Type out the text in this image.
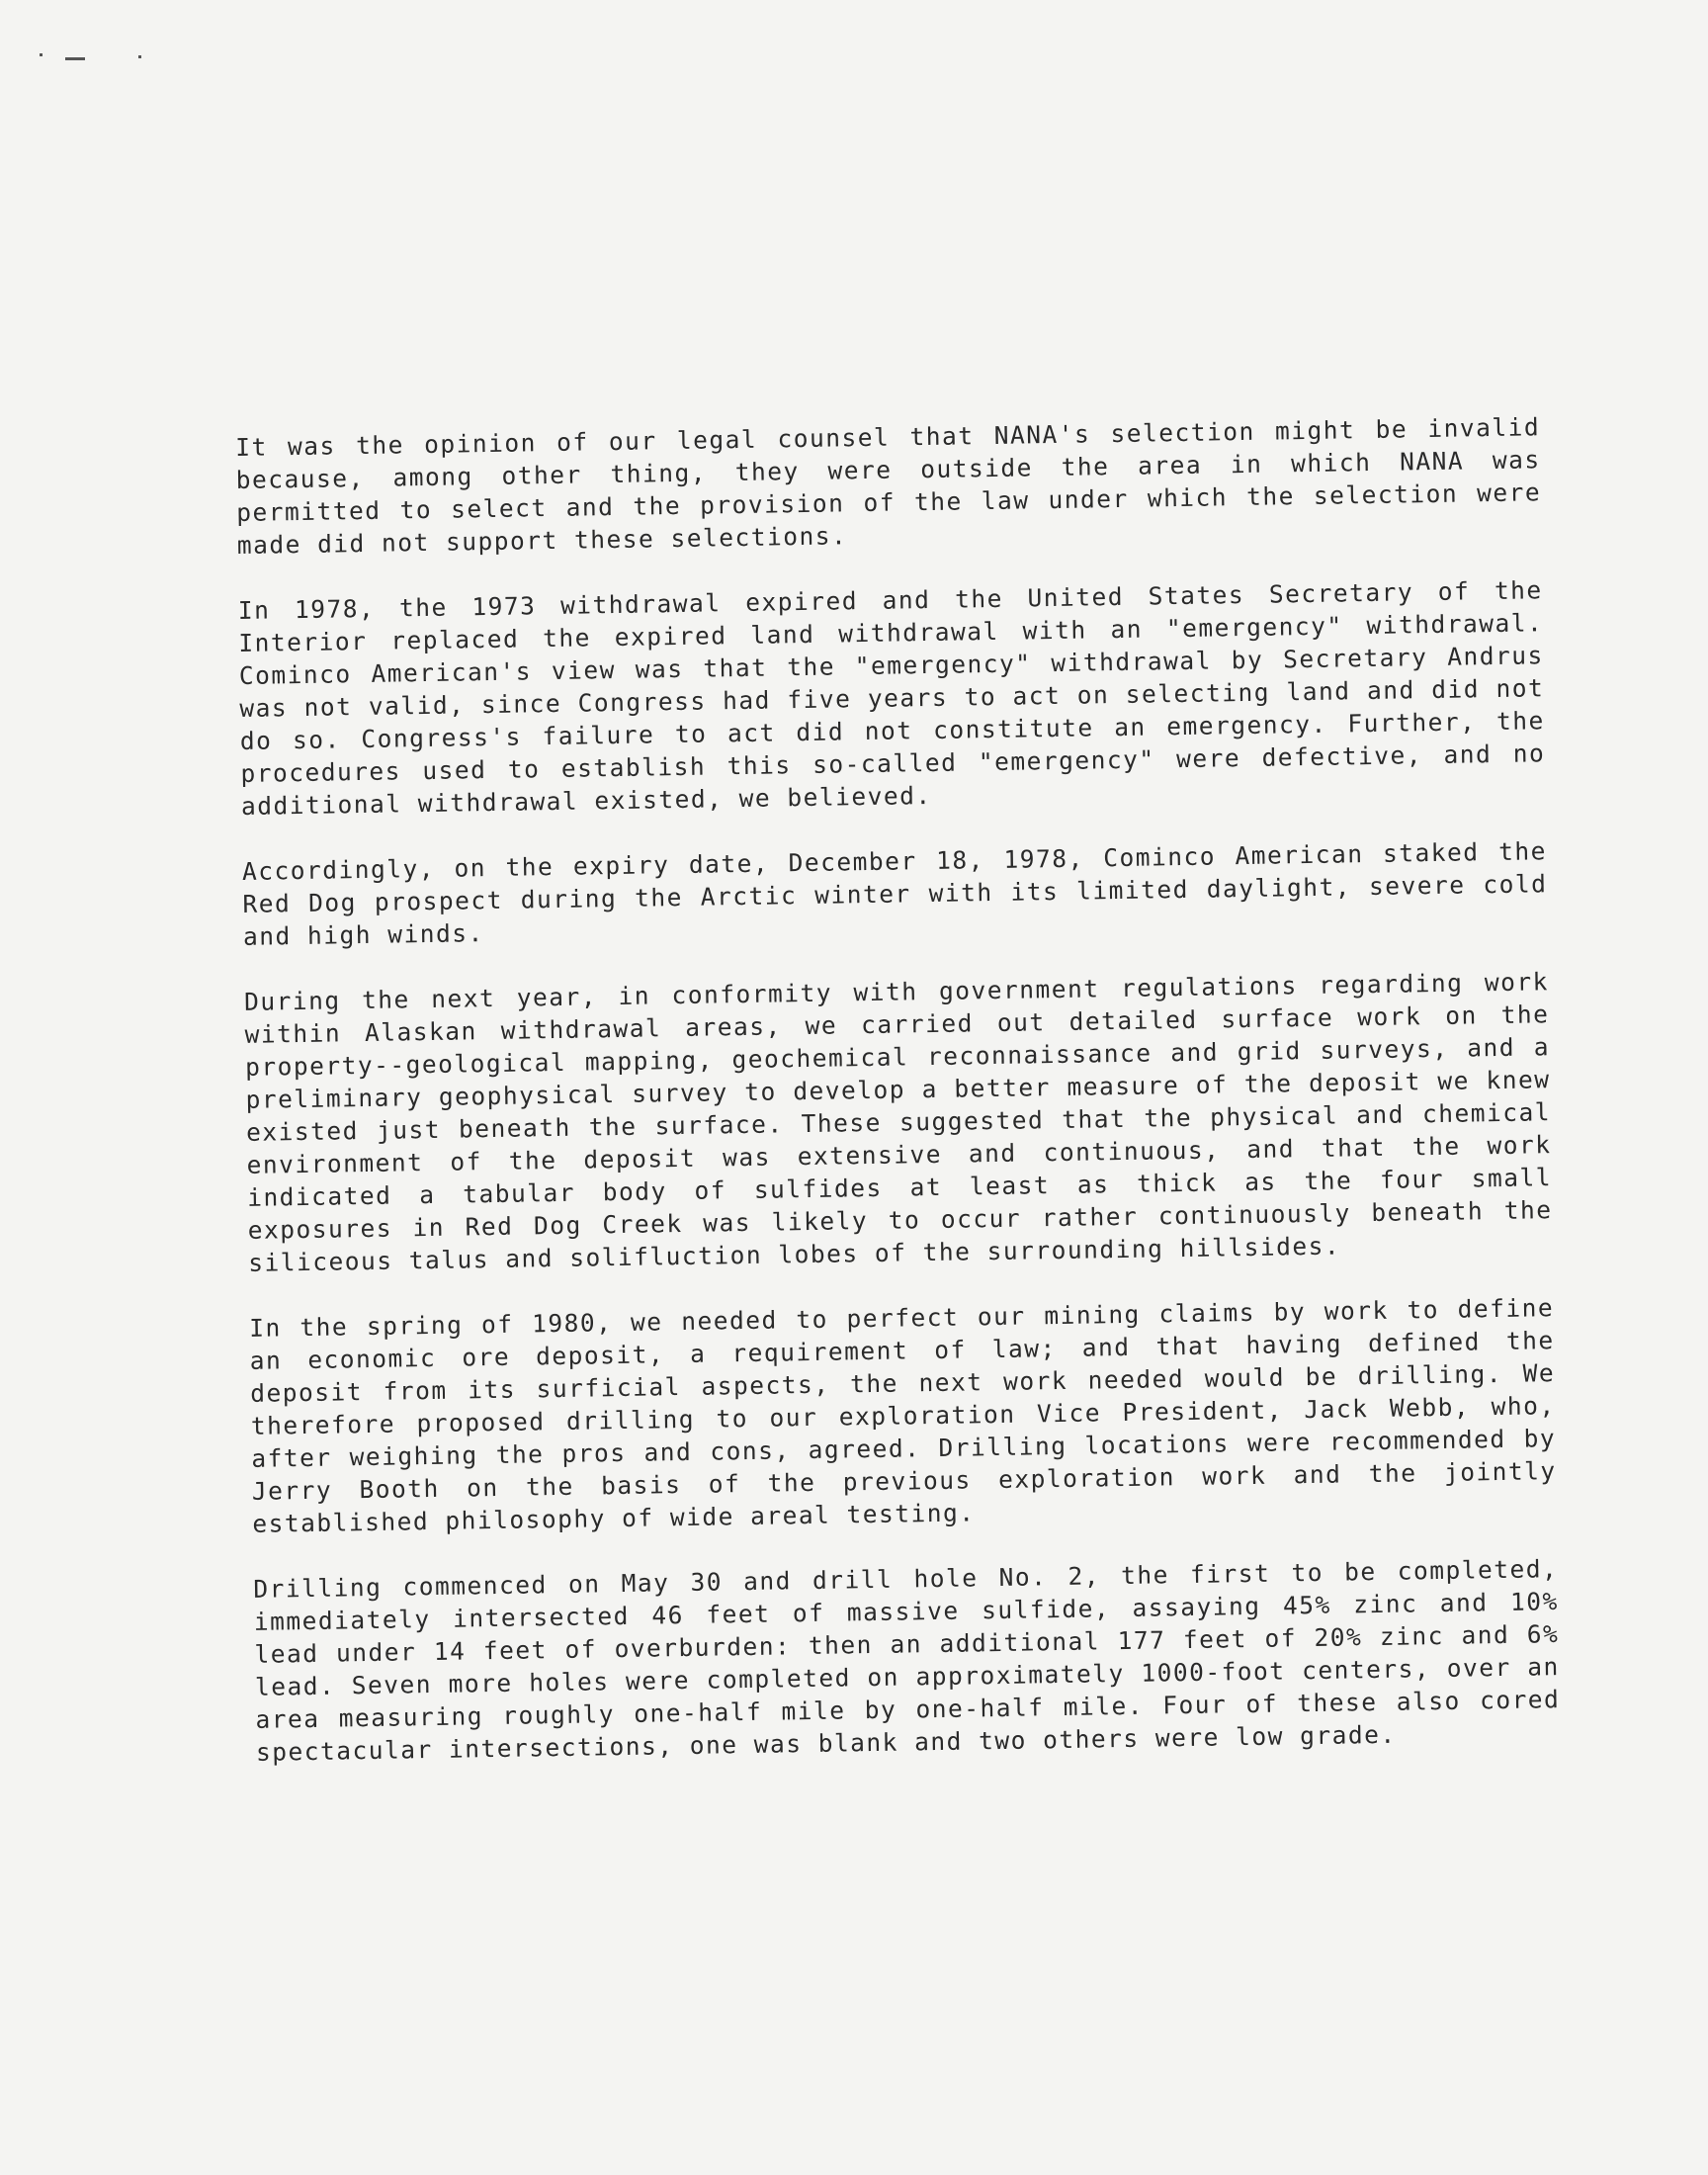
It was the opinion of our legal counsel that NANA's selection might be invalid because, among other thing, they were outside the area in which NANA was permitted to select and the provision of the law under which the selection were made did not support these selections.

In 1978, the 1973 withdrawal expired and the United States Secretary of the Interior replaced the expired land withdrawal with an "emergency" withdrawal. Cominco American's view was that the "emergency" withdrawal by Secretary Andrus was not valid, since Congress had five years to act on selecting land and did not do so. Congress's failure to act did not constitute an emergency. Further, the procedures used to establish this so-called "emergency" were defective, and no additional withdrawal existed, we believed.

Accordingly, on the expiry date, December 18, 1978, Cominco American staked the Red Dog prospect during the Arctic winter with its limited daylight, severe cold and high winds.

During the next year, in conformity with government regulations regarding work within Alaskan withdrawal areas, we carried out detailed surface work on the property--geological mapping, geochemical reconnaissance and grid surveys, and a preliminary geophysical survey to develop a better measure of the deposit we knew existed just beneath the surface. These suggested that the physical and chemical environment of the deposit was extensive and continuous, and that the work indicated a tabular body of sulfides at least as thick as the four small exposures in Red Dog Creek was likely to occur rather continuously beneath the siliceous talus and solifluction lobes of the surrounding hillsides.

In the spring of 1980, we needed to perfect our mining claims by work to define an economic ore deposit, a requirement of law; and that having defined the deposit from its surficial aspects, the next work needed would be drilling. We therefore proposed drilling to our exploration Vice President, Jack Webb, who, after weighing the pros and cons, agreed. Drilling locations were recommended by Jerry Booth on the basis of the previous exploration work and the jointly established philosophy of wide areal testing.

Drilling commenced on May 30 and drill hole No. 2, the first to be completed, immediately intersected 46 feet of massive sulfide, assaying 45% zinc and 10% lead under 14 feet of overburden: then an additional 177 feet of 20% zinc and 6% lead. Seven more holes were completed on approximately 1000-foot centers, over an area measuring roughly one-half mile by one-half mile. Four of these also cored spectacular intersections, one was blank and two others were low grade.
